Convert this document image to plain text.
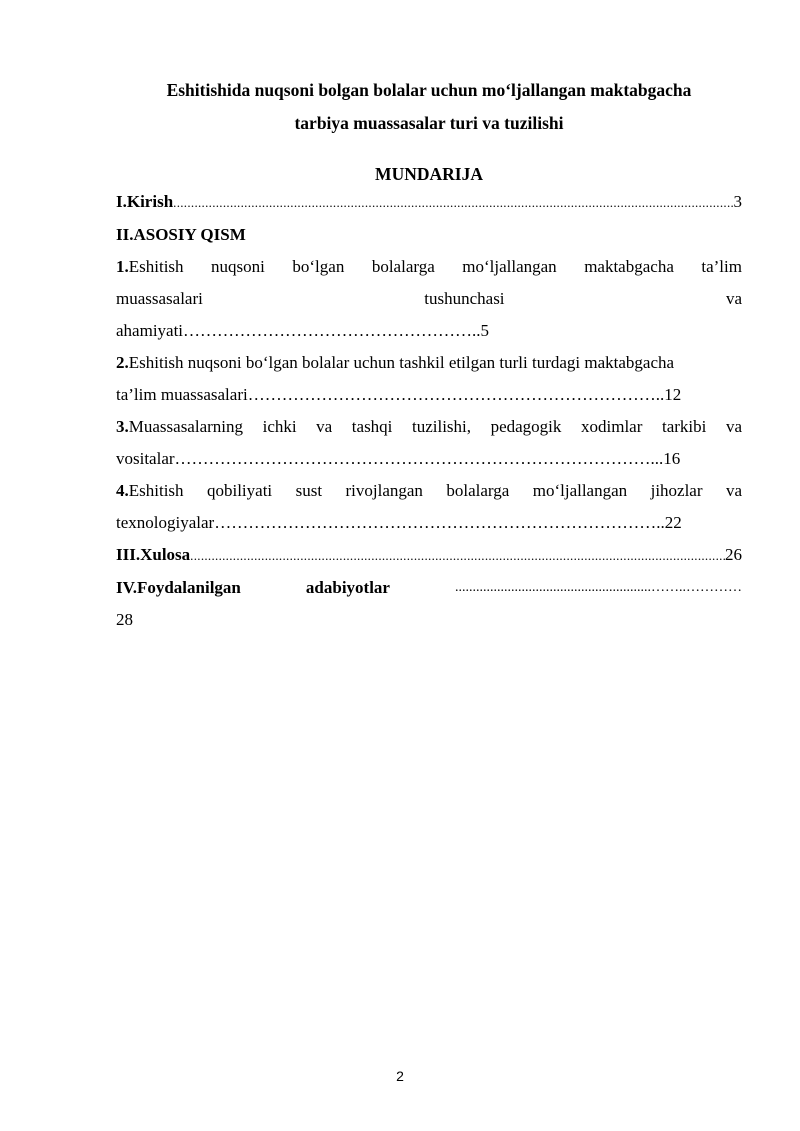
Eshitishida nuqsoni bolgan bolalar uchun moʻljallangan maktabgacha
tarbiya muassasalar turi va tuzilishi
MUNDARIJA
I.Kirish .....	3
II.ASOSIY QISM
1.Eshitish nuqsoni boʻlgan bolalarga moʻljallangan maktabgacha ta’lim
muassasalari	tushunchasi	va
ahamiyati……………………………………………..5
2.Eshitish nuqsoni boʻlgan bolalar uchun tashkil etilgan turli turdagi maktabgacha
ta’lim muassasalari………………………………………………………………..12
3.Muassasalarning ichki va tashqi tuzilishi, pedagogik xodimlar tarkibi va
vositalar…………………………………………………………………………...16
4.Eshitish qobiliyati sust rivojlangan bolalarga moʻljallangan jihozlar va
texnologiyalar……………………………………………………………………..22
III.Xulosa .....	26
IV.Foydalanilgan	adabiyotlar	........................................................……..…………
28
2
